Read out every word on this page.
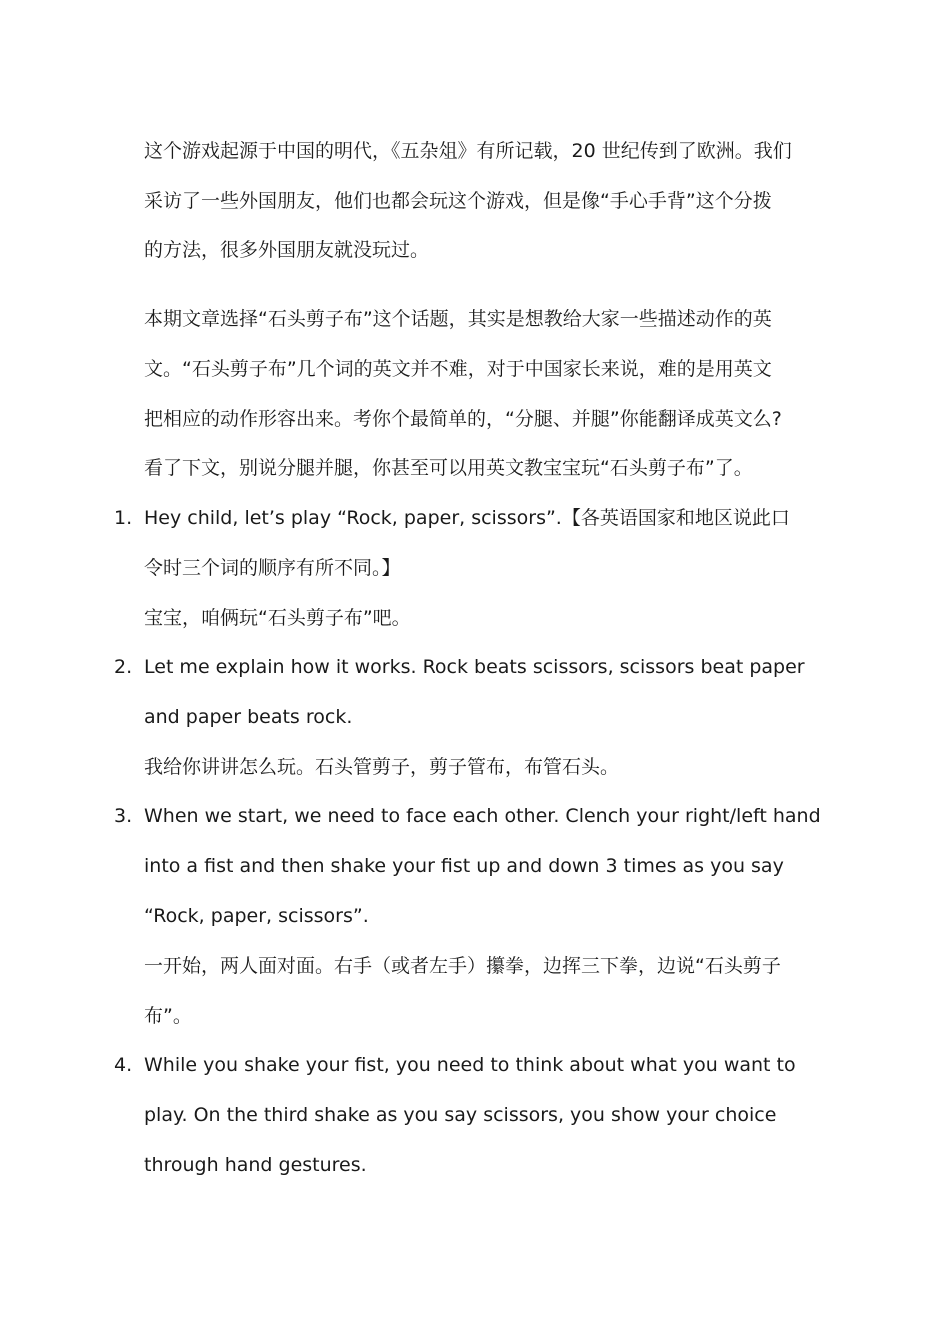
这个游戏起源于中国的明代，《五杂俎》有所记载，20 世纪传到了欧洲。我们
采访了一些外国朋友，他们也都会玩这个游戏，但是像“手心手背”这个分拨
的方法，很多外国朋友就没玩过。
本期文章选择“石头剪子布”这个话题，其实是想教给大家一些描述动作的英
文。“石头剪子布”几个词的英文并不难，对于中国家长来说，难的是用英文
把相应的动作形容出来。考你个最简单的，“分腿、并腿”你能翻译成英文么?
看了下文，别说分腿并腿，你甚至可以用英文教宝宝玩“石头剪子布”了。
1. Hey child, let’s play “Rock, paper, scissors”.【各英语国家和地区说此口
令时三个词的顺序有所不同。】
宝宝，咱俩玩“石头剪子布”吧。
2. Let me explain how it works. Rock beats scissors, scissors beat paper
and paper beats rock.
我给你讲讲怎么玩。石头管剪子，剪子管布，布管石头。
3. When we start, we need to face each other. Clench your right/left hand
into a fist and then shake your fist up and down 3 times as you say
“Rock, paper, scissors”.
一开始，两人面对面。右手（或者左手）攥拳，边挥三下拳，边说“石头剪子
布”。
4. While you shake your fist, you need to think about what you want to
play. On the third shake as you say scissors, you show your choice
through hand gestures.
